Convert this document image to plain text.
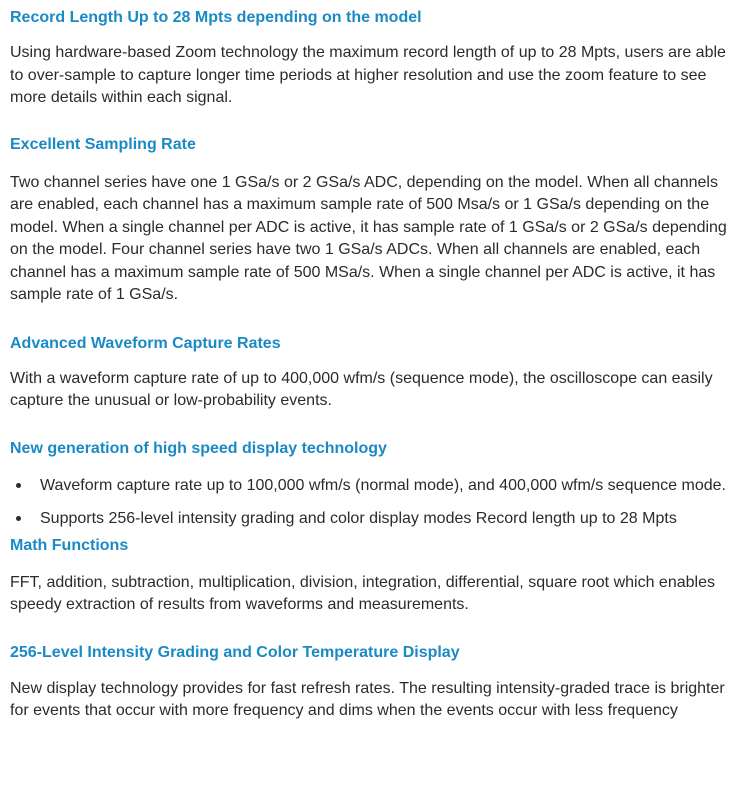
Record Length Up to 28 Mpts depending on the model

Using hardware-based Zoom technology the maximum record length of up to 28 Mpts, users are able to over-sample to capture longer time periods at higher resolution and use the zoom feature to see more details within each signal.

Excellent Sampling Rate

Two channel series have one 1 GSa/s or 2 GSa/s ADC, depending on the model. When all channels are enabled, each channel has a maximum sample rate of 500 Msa/s or 1 GSa/s depending on the model. When a single channel per ADC is active, it has sample rate of 1 GSa/s or 2 GSa/s depending on the model. Four channel series have two 1 GSa/s ADCs. When all channels are enabled, each channel has a maximum sample rate of 500 MSa/s. When a single channel per ADC is active, it has sample rate of 1 GSa/s.

Advanced Waveform Capture Rates

With a waveform capture rate of up to 400,000 wfm/s (sequence mode), the oscilloscope can easily capture the unusual or low-probability events.

New generation of high speed display technology
Waveform capture rate up to 100,000 wfm/s (normal mode), and 400,000 wfm/s sequence mode.
Supports 256-level intensity grading and color display modes Record length up to 28 Mpts
Math Functions

FFT, addition, subtraction, multiplication, division, integration, differential, square root which enables speedy extraction of results from waveforms and measurements.

256-Level Intensity Grading and Color Temperature Display

New display technology provides for fast refresh rates. The resulting intensity-graded trace is brighter for events that occur with more frequency and dims when the events occur with less frequency
